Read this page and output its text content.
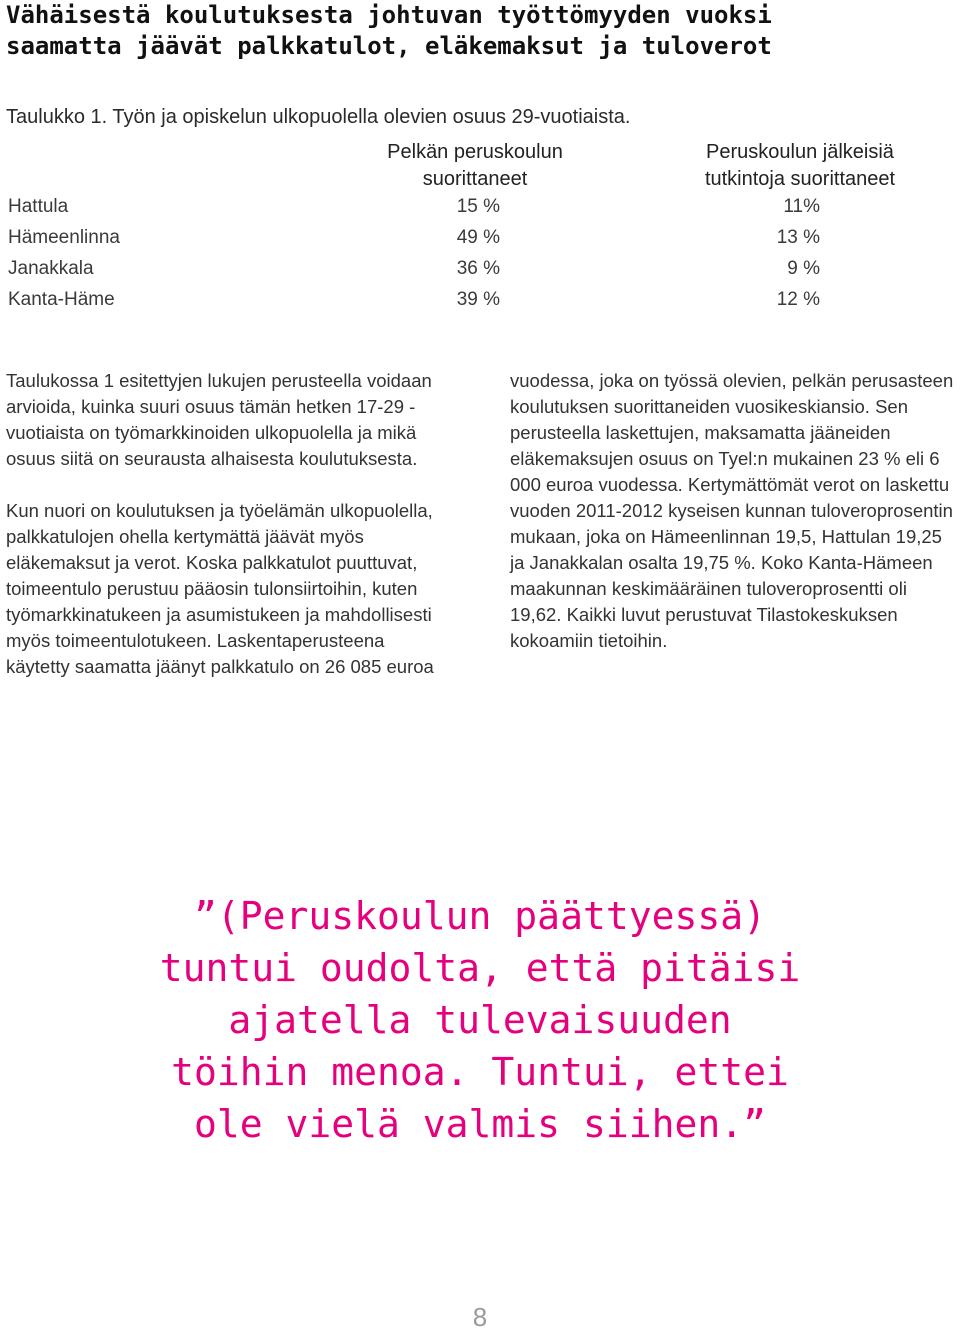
Vähäisestä koulutuksesta johtuvan työttömyyden vuoksi
saamatta jäävät palkkatulot, eläkemaksut ja tuloverot
Taulukko 1. Työn ja opiskelun ulkopuolella olevien osuus 29-vuotiaista.
Pelkän peruskoulun
suorittaneet
Peruskoulun jälkeisiä
tutkintoja suorittaneet
Hattula	15 %	11%
Hämeenlinna	49 %	13 %
Janakkala	36 %	9 %
Kanta-Häme	39 %	12 %

Taulukossa 1 esitettyjen lukujen perusteella voidaan arvioida, kuinka suuri osuus tämän hetken 17-29 -vuotiaista on työmarkkinoiden ulkopuolella ja mikä osuus siitä on seurausta alhaisesta koulutuksesta.

Kun nuori on koulutuksen ja työelämän ulkopuolella, palkkatulojen ohella kertymättä jäävät myös eläkemaksut ja verot. Koska palkkatulot puuttuvat, toimeentulo perustuu pääosin tulonsiirtoihin, kuten työmarkkinatukeen ja asumistukeen ja mahdollisesti myös toimeentulotukeen. Laskentaperusteena käytetty saamatta jäänyt palkkatulo on 26 085 euroa

vuodessa, joka on työssä olevien, pelkän perusasteen koulutuksen suorittaneiden vuosikeskiansio. Sen perusteella laskettujen, maksamatta jääneiden eläkemaksujen osuus on Tyel:n mukainen 23 % eli 6 000 euroa vuodessa. Kertymättömät verot on laskettu vuoden 2011-2012 kyseisen kunnan tuloveroprosentin mukaan, joka on Hämeenlinnan 19,5, Hattulan 19,25 ja Janakkalan osalta 19,75 %. Koko Kanta-Hämeen maakunnan keskimääräinen tuloveroprosentti oli 19,62. Kaikki luvut perustuvat Tilastokeskuksen kokoamiin tietoihin.

”(Peruskoulun päättyessä) tuntui oudolta, että pitäisi ajatella tulevaisuuden töihin menoa. Tuntui, ettei ole vielä valmis siihen.”
8
